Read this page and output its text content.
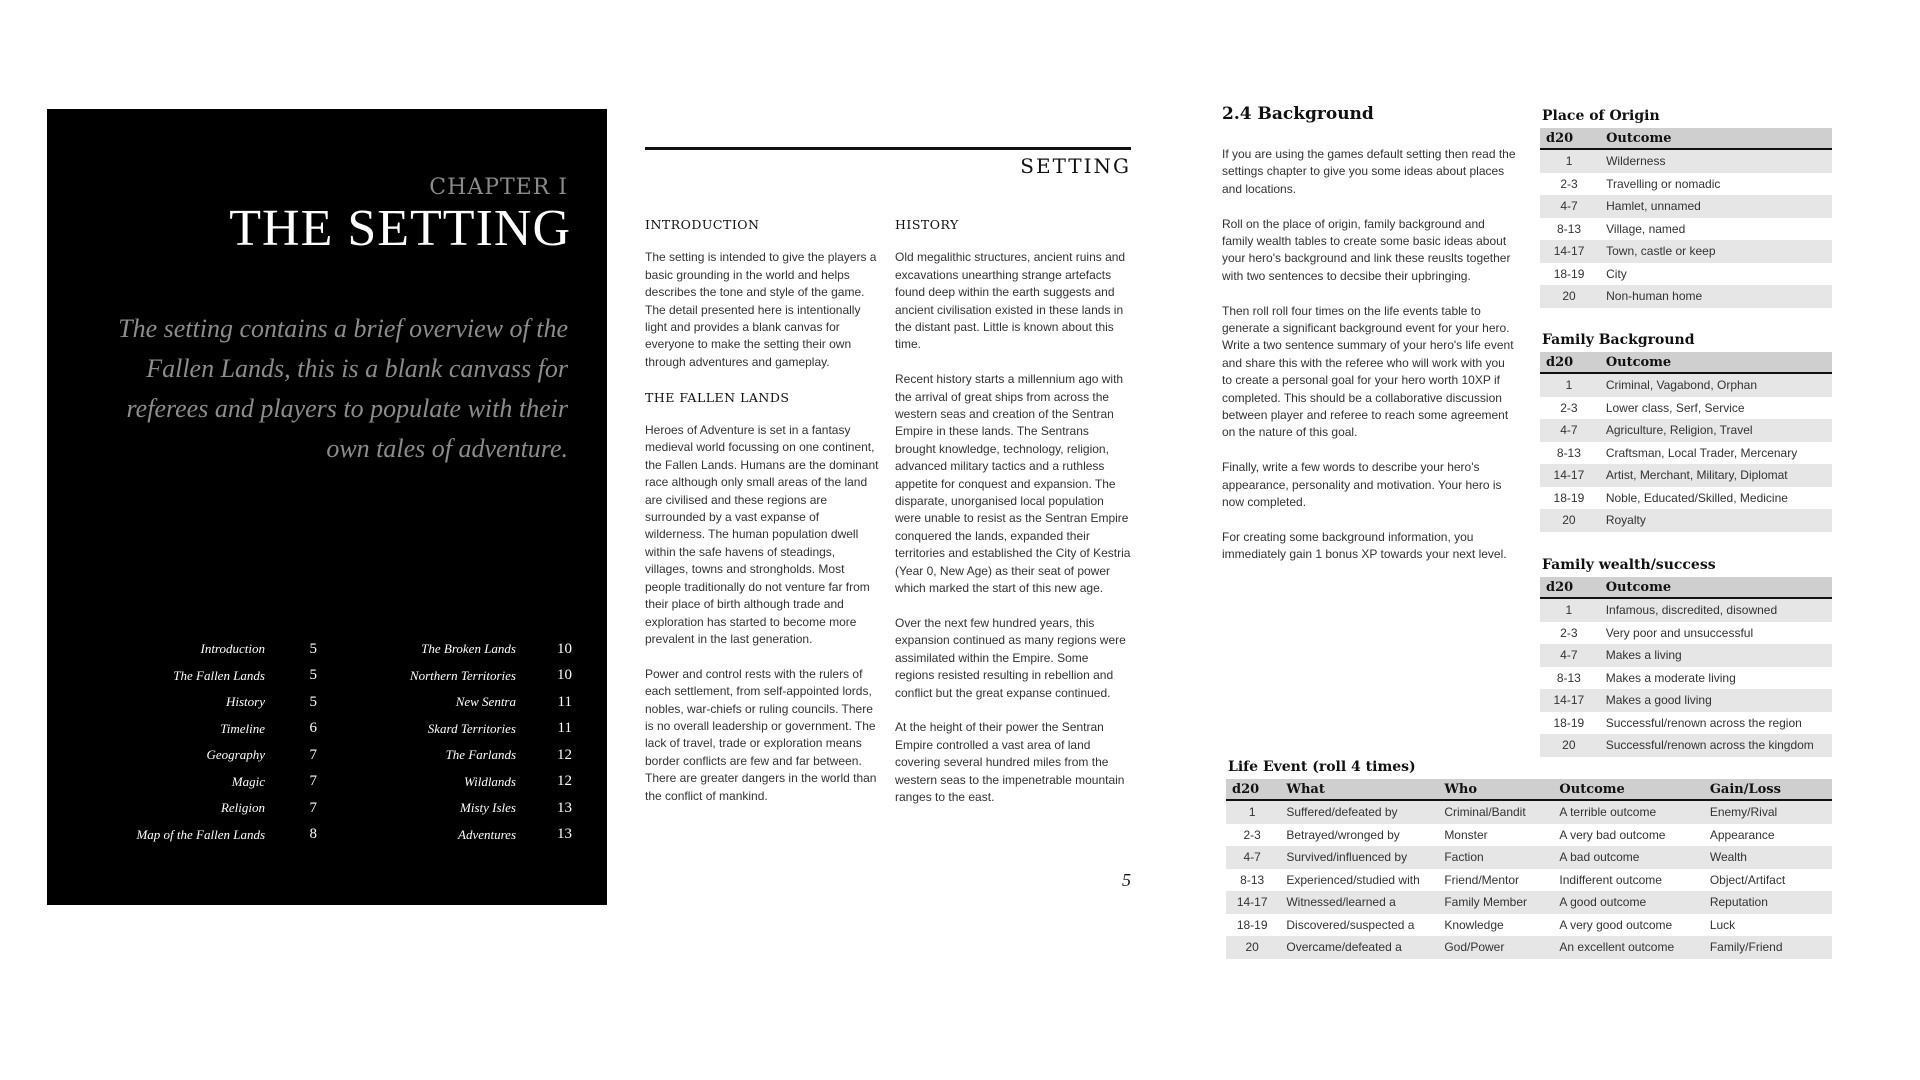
CHAPTER I
THE SETTING
The setting contains a brief overview of the Fallen Lands, this is a blank canvass for referees and players to populate with their own tales of adventure.
Introduction	5
The Fallen Lands	5
History	5
Timeline	6
Geography	7
Magic	7
Religion	7
Map of the Fallen Lands	8
The Broken Lands	10
Northern Territories	10
New Sentra	11
Skard Territories	11
The Farlands	12
Wildlands	12
Misty Isles	13
Adventures	13
SETTING
INTRODUCTION

The setting is intended to give the players a basic grounding in the world and helps describes the tone and style of the game. The detail presented here is intentionally light and provides a blank canvas for everyone to make the setting their own through adventures and gameplay.

THE FALLEN LANDS

Heroes of Adventure is set in a fantasy medieval world focussing on one continent, the Fallen Lands. Humans are the dominant race although only small areas of the land are civilised and these regions are surrounded by a vast expanse of wilderness. The human population dwell within the safe havens of steadings, villages, towns and strongholds. Most people traditionally do not venture far from their place of birth although trade and exploration has started to become more prevalent in the last generation.

Power and control rests with the rulers of each settlement, from self-appointed lords, nobles, war-chiefs or ruling councils. There is no overall leadership or government. The lack of travel, trade or exploration means border conflicts are few and far between. There are greater dangers in the world than the conflict of mankind.

HISTORY

Old megalithic structures, ancient ruins and excavations unearthing strange artefacts found deep within the earth suggests and ancient civilisation existed in these lands in the distant past. Little is known about this time.

Recent history starts a millennium ago with the arrival of great ships from across the western seas and creation of the Sentran Empire in these lands. The Sentrans brought knowledge, technology, religion, advanced military tactics and a ruthless appetite for conquest and expansion. The disparate, unorganised local population were unable to resist as the Sentran Empire conquered the lands, expanded their territories and established the City of Kestria (Year 0, New Age) as their seat of power which marked the start of this new age.

Over the next few hundred years, this expansion continued as many regions were assimilated within the Empire. Some regions resisted resulting in rebellion and conflict but the great expanse continued.

At the height of their power the Sentran Empire controlled a vast area of land covering several hundred miles from the western seas to the impenetrable mountain ranges to the east.

5
2.4 Background

If you are using the games default setting then read the settings chapter to give you some ideas about places and locations.

Roll on the place of origin, family background and family wealth tables to create some basic ideas about your hero's background and link these reuslts together with two sentences to decsibe their upbringing.

Then roll roll four times on the life events table to generate a significant background event for your hero. Write a two sentence summary of your hero's life event and share this with the referee who will work with you to create a personal goal for your hero worth 10XP if completed. This should be a collaborative discussion between player and referee to reach some agreement on the nature of this goal.

Finally, write a few words to describe your hero's appearance, personality and motivation. Your hero is now completed.

For creating some background information, you immediately gain 1 bonus XP towards your next level.

Place of Origin
d20	Outcome
1	Wilderness
2-3	Travelling or nomadic
4-7	Hamlet, unnamed
8-13	Village, named
14-17	Town, castle or keep
18-19	City
20	Non-human home
Family Background
d20	Outcome
1	Criminal, Vagabond, Orphan
2-3	Lower class, Serf, Service
4-7	Agriculture, Religion, Travel
8-13	Craftsman, Local Trader, Mercenary
14-17	Artist, Merchant, Military, Diplomat
18-19	Noble, Educated/Skilled, Medicine
20	Royalty
Family wealth/success
d20	Outcome
1	Infamous, discredited, disowned
2-3	Very poor and unsuccessful
4-7	Makes a living
8-13	Makes a moderate living
14-17	Makes a good living
18-19	Successful/renown across the region
20	Successful/renown across the kingdom
Life Event (roll 4 times)
d20	What	Who	Outcome	Gain/Loss
1	Suffered/defeated by	Criminal/Bandit	A terrible outcome	Enemy/Rival
2-3	Betrayed/wronged by	Monster	A very bad outcome	Appearance
4-7	Survived/influenced by	Faction	A bad outcome	Wealth
8-13	Experienced/studied with	Friend/Mentor	Indifferent outcome	Object/Artifact
14-17	Witnessed/learned a	Family Member	A good outcome	Reputation
18-19	Discovered/suspected a	Knowledge	A very good outcome	Luck
20	Overcame/defeated a	God/Power	An excellent outcome	Family/Friend
